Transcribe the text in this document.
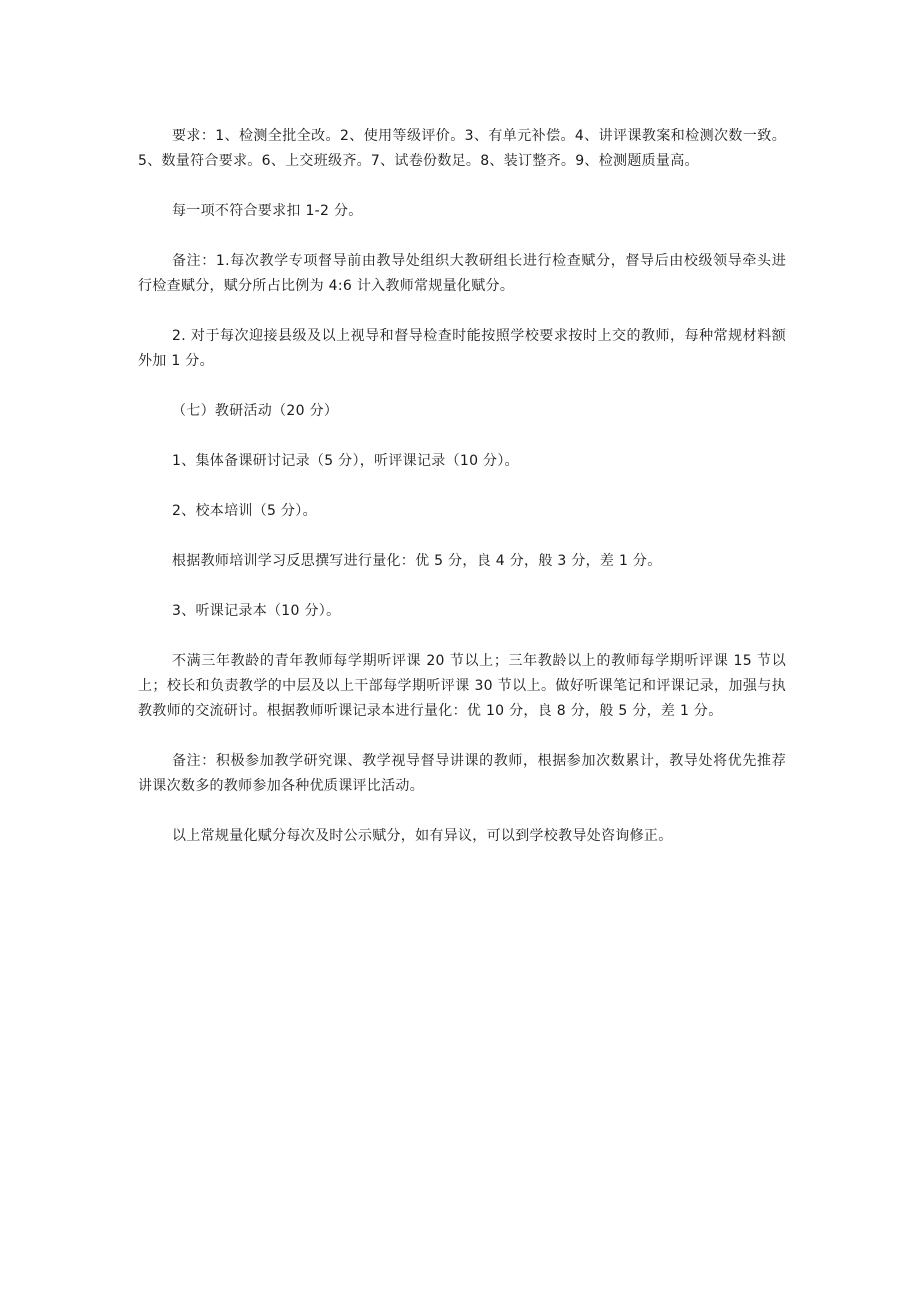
要求：1、检测全批全改。2、使用等级评价。3、有单元补偿。4、讲评课教案和检测次数一致。5、数量符合要求。6、上交班级齐。7、试卷份数足。8、装订整齐。9、检测题质量高。

每一项不符合要求扣 1-2 分。

备注：1.每次教学专项督导前由教导处组织大教研组长进行检查赋分，督导后由校级领导牵头进行检查赋分，赋分所占比例为 4:6 计入教师常规量化赋分。

2. 对于每次迎接县级及以上视导和督导检查时能按照学校要求按时上交的教师，每种常规材料额外加 1 分。

（七）教研活动（20 分）

1、集体备课研讨记录（5 分），听评课记录（10 分）。

2、校本培训（5 分）。

根据教师培训学习反思撰写进行量化：优 5 分，良 4 分，般 3 分，差 1 分。

3、听课记录本（10 分）。

不满三年教龄的青年教师每学期听评课 20 节以上；三年教龄以上的教师每学期听评课 15 节以上；校长和负责教学的中层及以上干部每学期听评课 30 节以上。做好听课笔记和评课记录，加强与执教教师的交流研讨。根据教师听课记录本进行量化：优 10 分，良 8 分，般 5 分，差 1 分。

备注：积极参加教学研究课、教学视导督导讲课的教师，根据参加次数累计，教导处将优先推荐讲课次数多的教师参加各种优质课评比活动。

以上常规量化赋分每次及时公示赋分，如有异议，可以到学校教导处咨询修正。
